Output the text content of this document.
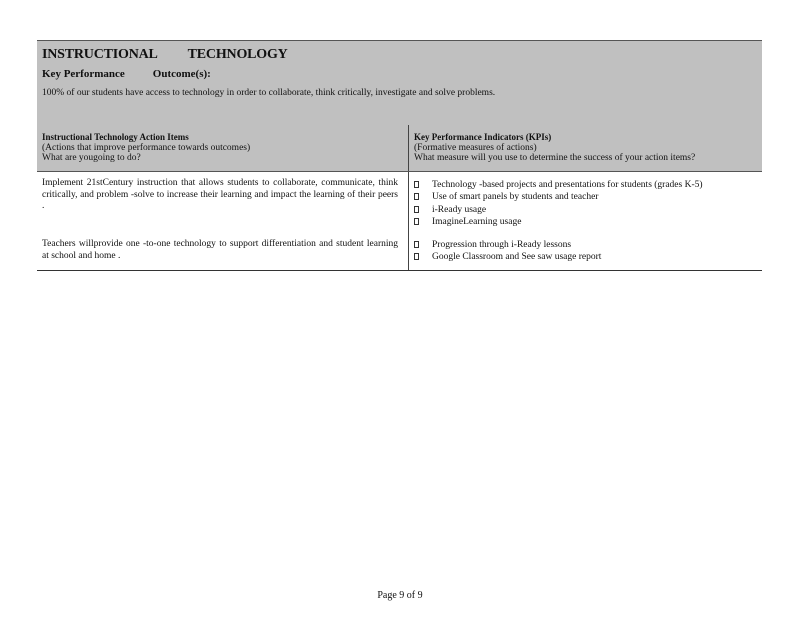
INSTRUCTIONAL TECHNOLOGY
Key Performance	Outcome(s):
100% of our students have access to technology in order to collaborate, think critically, investigate and solve problems.
Instructional Technology Action Items
(Actions that improve performance towards outcomes)
What are yougoing to do?
Key Performance Indicators (KPIs)
(Formative measures of actions)
What measure will you use to determine the success of your action items?
Implement 21stCentury instruction that allows students to collaborate, communicate, think critically, and problem -solve to increase their learning and impact the learning of their peers .
Teachers willprovide one -to-one technology to support differentiation and student learning at school and home .
Technology -based projects and presentations for students (grades K-5)
Use of smart panels by students and teacher
i-Ready usage
ImagineLearning usage
Progression through i-Ready lessons
Google Classroom and See saw usage report
Page 9 of 9
